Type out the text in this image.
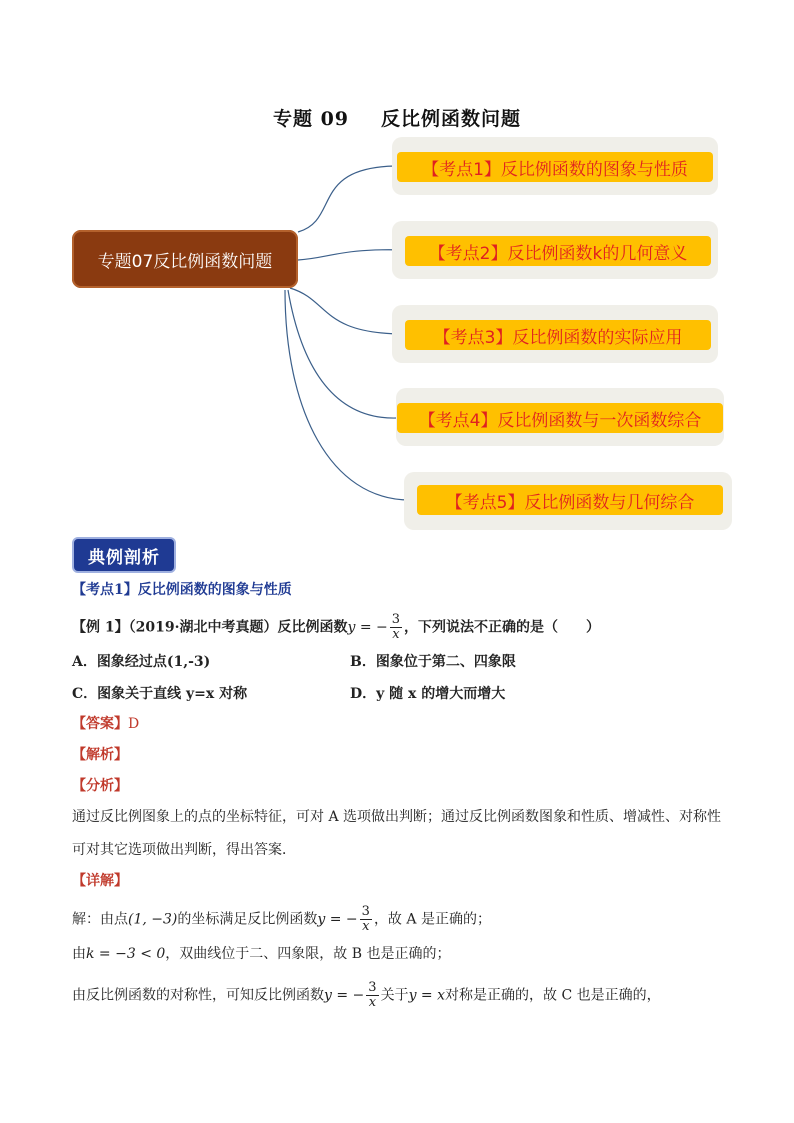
专题 09 反比例函数问题
专题07反比例函数问题
【考点1】反比例函数的图象与性质
【考点2】反比例函数k的几何意义
【考点3】反比例函数的实际应用
【考点4】反比例函数与一次函数综合
【考点5】反比例函数与几何综合
典例剖析
【考点1】反比例函数的图象与性质
【例 1】（2019·湖北中考真题）反比例函数y = − $\frac{3}{x}$ ，下列说法不正确的是（　　）
A．图象经过点(1,-3)	B．图象位于第二、四象限
C．图象关于直线 y=x 对称	D．y 随 x 的增大而增大
【答案】D
【解析】
【分析】
通过反比例图象上的点的坐标特征，可对 A 选项做出判断；通过反比例函数图象和性质、增减性、对称性
可对其它选项做出判断，得出答案．
【详解】
解：由点(1, −3)的坐标满足反比例函数y = − $\frac{3}{x}$ ，故 A 是正确的；
由k = −3 < 0，双曲线位于二、四象限，故 B 也是正确的；
由反比例函数的对称性，可知反比例函数y = − $\frac{3}{x}$ 关于y = x对称是正确的，故 C 也是正确的，
